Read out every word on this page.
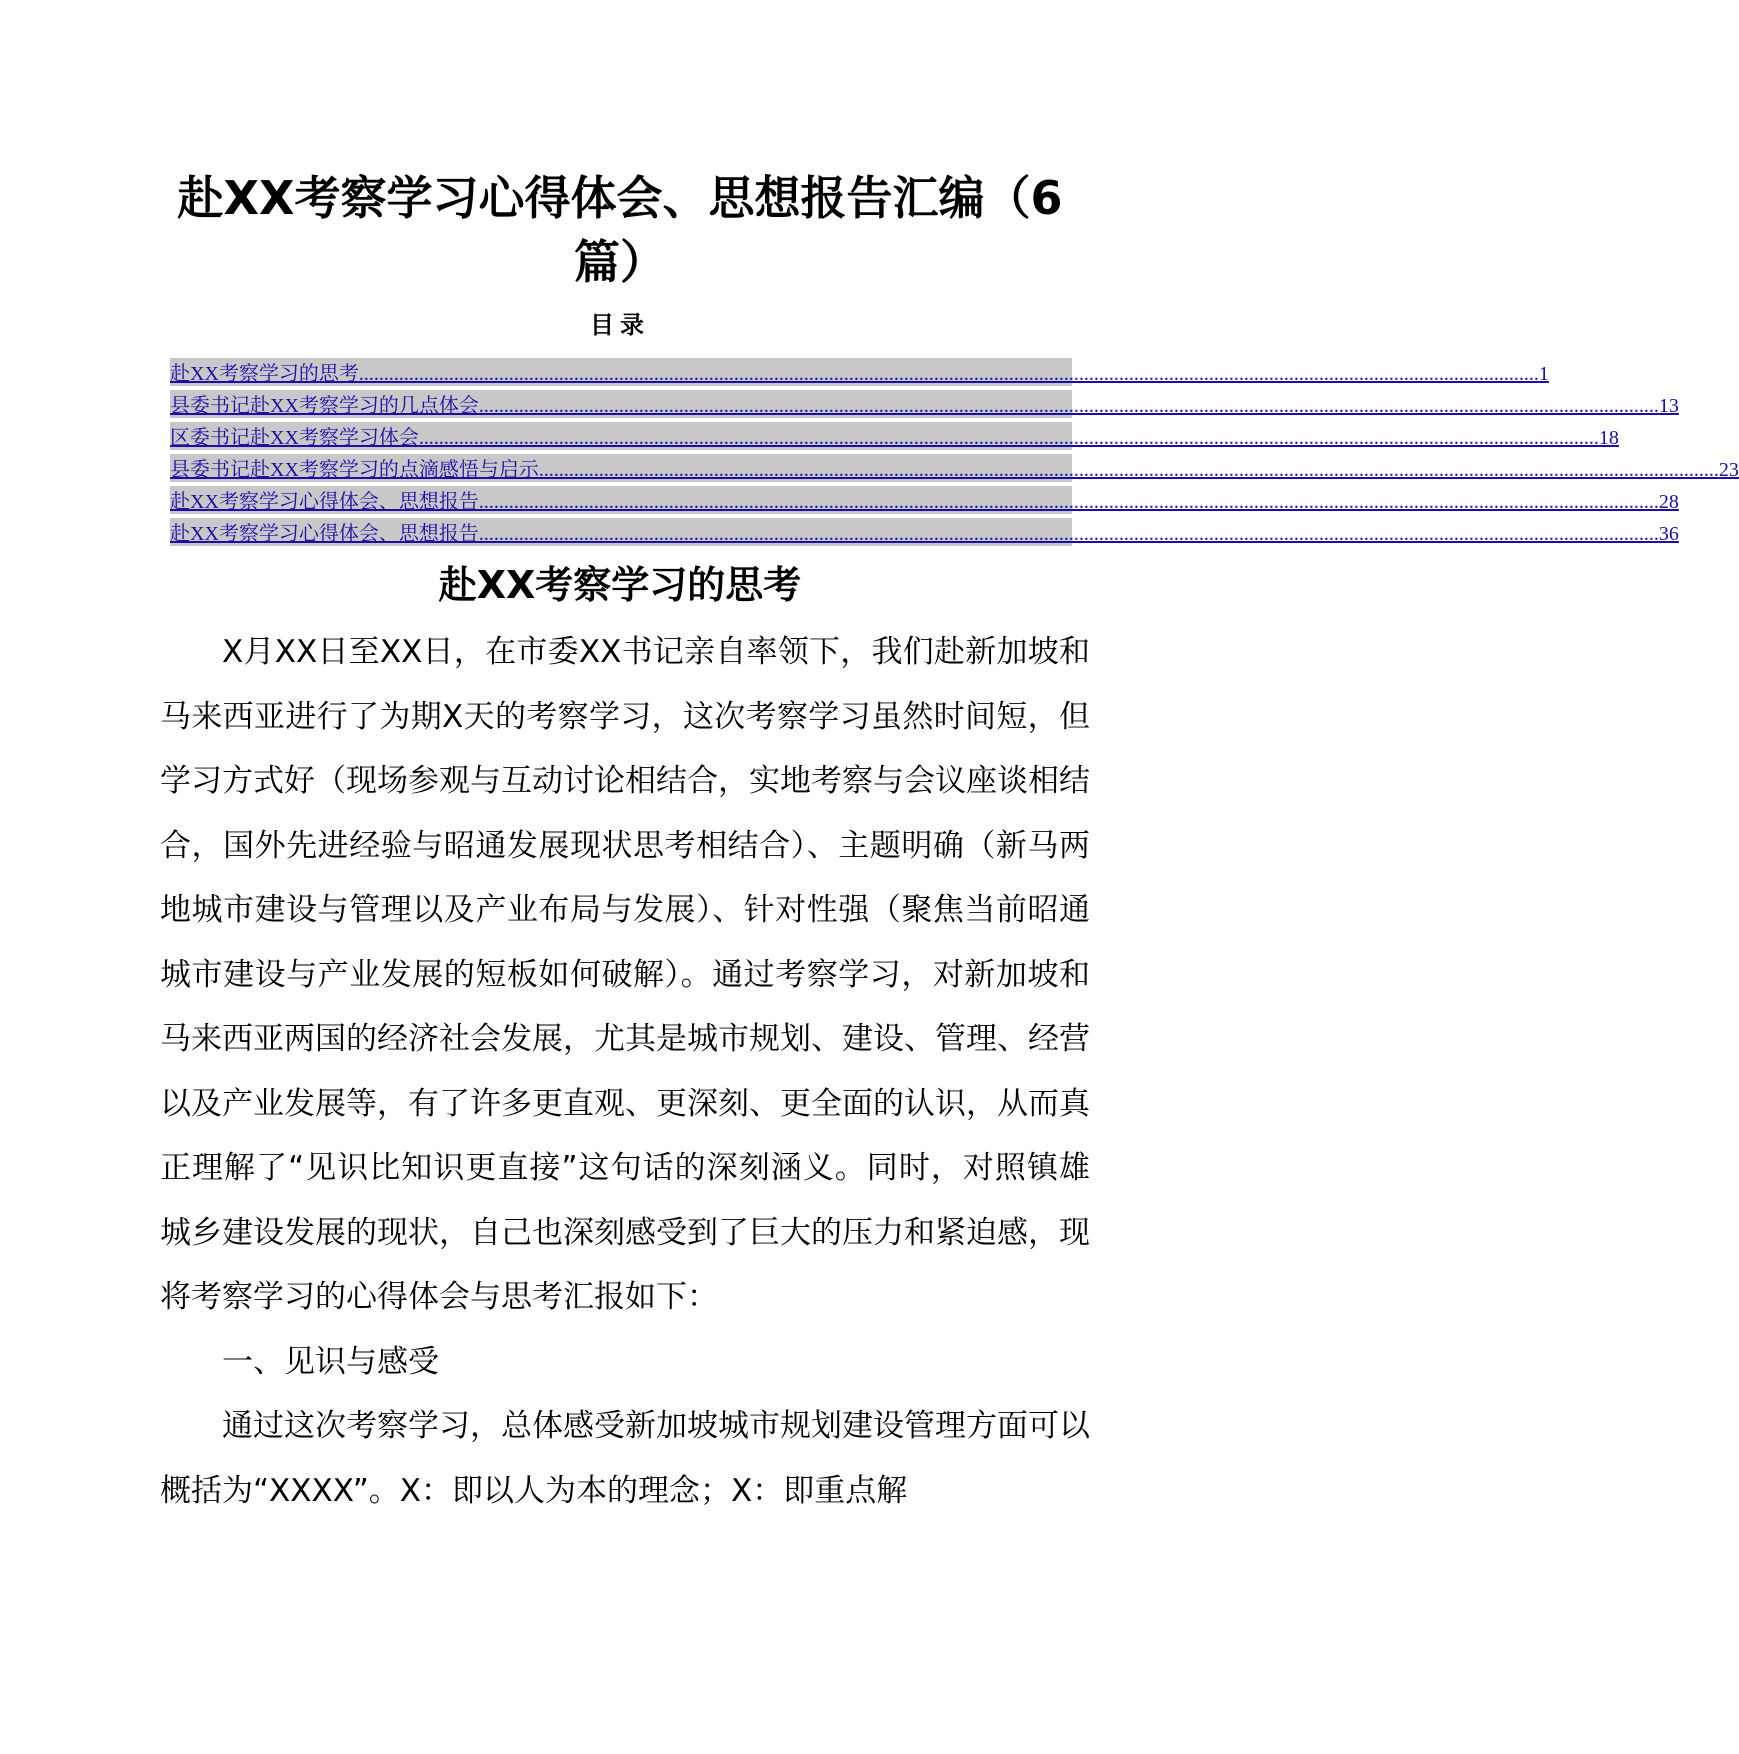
赴XX考察学习心得体会、思想报告汇编（6篇）
目录
赴XX考察学习的思考 ............................................................................................................................................................................................................................................ 1
县委书记赴XX考察学习的几点体会 ............................................................................................................................................................................................................................................ 13
区委书记赴XX考察学习体会 ............................................................................................................................................................................................................................................ 18
县委书记赴XX考察学习的点滴感悟与启示 ............................................................................................................................................................................................................................................ 23
赴XX考察学习心得体会、思想报告 ............................................................................................................................................................................................................................................ 28
赴XX考察学习心得体会、思想报告 ............................................................................................................................................................................................................................................ 36
赴XX考察学习的思考

X月XX日至XX日，在市委XX书记亲自率领下，我们赴新加坡和马来西亚进行了为期X天的考察学习，这次考察学习虽然时间短，但学习方式好（现场参观与互动讨论相结合，实地考察与会议座谈相结合，国外先进经验与昭通发展现状思考相结合）、主题明确（新马两地城市建设与管理以及产业布局与发展）、针对性强（聚焦当前昭通城市建设与产业发展的短板如何破解）。通过考察学习，对新加坡和马来西亚两国的经济社会发展，尤其是城市规划、建设、管理、经营以及产业发展等，有了许多更直观、更深刻、更全面的认识，从而真正理解了“见识比知识更直接”这句话的深刻涵义。同时，对照镇雄城乡建设发展的现状，自己也深刻感受到了巨大的压力和紧迫感，现将考察学习的心得体会与思考汇报如下：

一、见识与感受

通过这次考察学习，总体感受新加坡城市规划建设管理方面可以概括为“XXXX”。X：即以人为本的理念；X：即重点解
